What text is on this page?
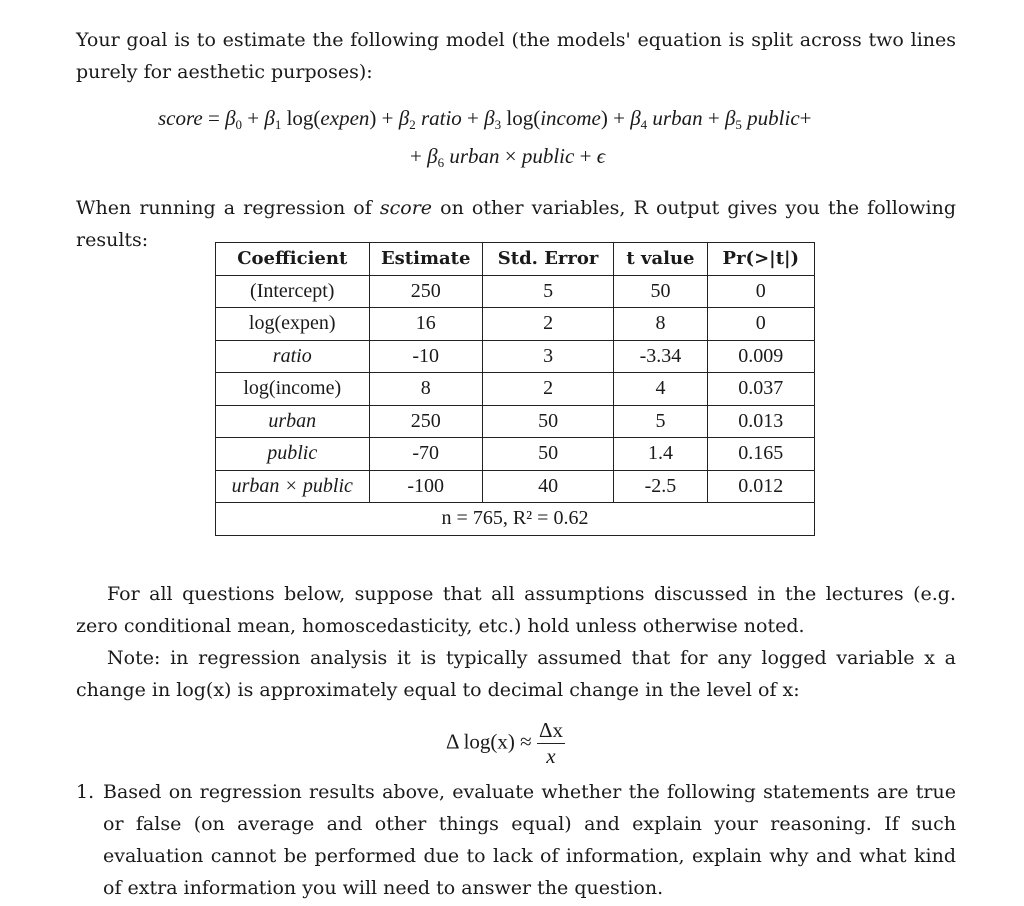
Your goal is to estimate the following model (the models' equation is split across two lines purely for aesthetic purposes):
score = $\beta_0 + \beta_1$ log(expen) + $\beta_2$ ratio + $\beta_3$ log(income) + $\beta_4$ urban + $\beta_5$ public+
+ $\beta_6$ urban × public + ϵ
When running a regression of score on other variables, R output gives you the following results:
Coefficient	Estimate	Std. Error	t value	Pr(>|t|)
(Intercept)	250	5	50	0
log(expen)	16	2	8	0
ratio	-10	3	-3.34	0.009
log(income)	8	2	4	0.037
urban	250	50	5	0.013
public	-70	50	1.4	0.165
urban × public	-100	40	-2.5	0.012
n = 765, R² = 0.62				
For all questions below, suppose that all assumptions discussed in the lectures (e.g. zero conditional mean, homoscedasticity, etc.) hold unless otherwise noted.
Note: in regression analysis it is typically assumed that for any logged variable x a change in log(x) is approximately equal to decimal change in the level of x:
Δ $\log(x) \approx \frac{\Delta x}{x}$
1. Based on regression results above, evaluate whether the following statements are true or false (on average and other things equal) and explain your reasoning. If such evaluation cannot be performed due to lack of information, explain why and what kind of extra information you will need to answer the question.
